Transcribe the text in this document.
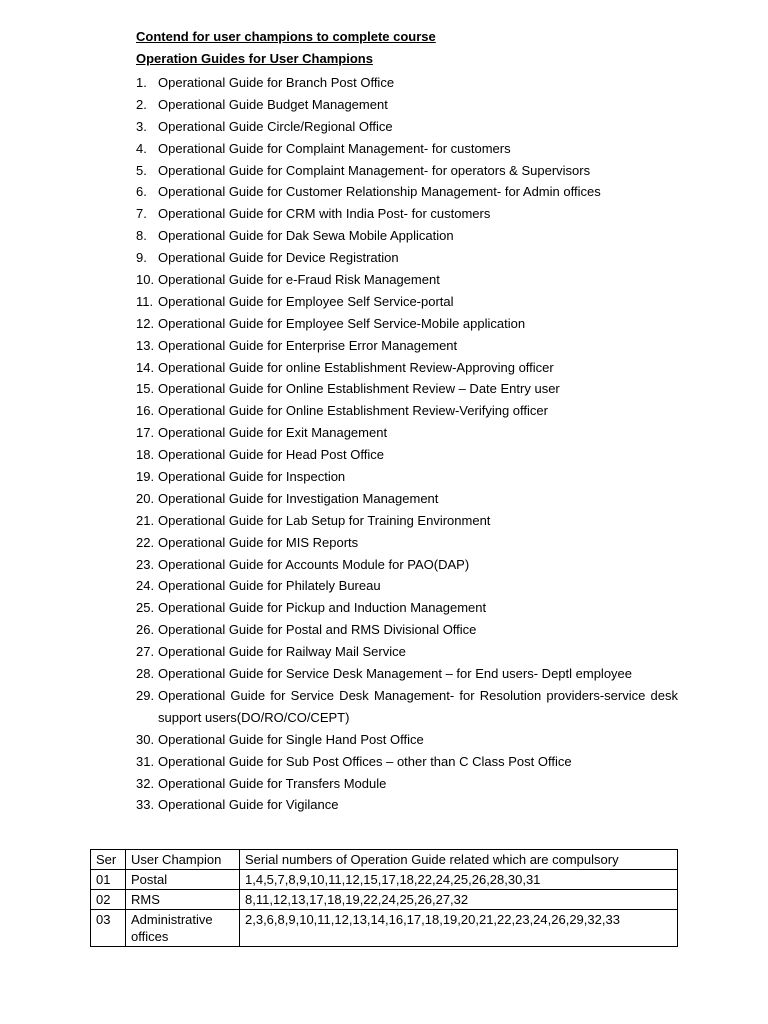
Contend for user champions to complete course
Operation Guides for User Champions
1. Operational Guide for Branch Post Office
2. Operational Guide Budget Management
3. Operational Guide Circle/Regional Office
4. Operational Guide for Complaint Management- for customers
5. Operational Guide for Complaint Management- for operators & Supervisors
6. Operational Guide for Customer Relationship Management- for Admin offices
7. Operational Guide for CRM with India Post- for customers
8. Operational Guide for Dak Sewa Mobile Application
9. Operational Guide for Device Registration
10. Operational Guide for e-Fraud Risk Management
11. Operational Guide for Employee Self Service-portal
12. Operational Guide for Employee Self Service-Mobile application
13. Operational Guide for Enterprise Error Management
14. Operational Guide for online Establishment Review-Approving officer
15. Operational Guide for Online Establishment Review – Date Entry user
16. Operational Guide for Online Establishment Review-Verifying officer
17. Operational Guide for Exit Management
18. Operational Guide for Head Post Office
19. Operational Guide for Inspection
20. Operational Guide for Investigation Management
21. Operational Guide for Lab Setup for Training Environment
22. Operational Guide for MIS Reports
23. Operational Guide for Accounts Module for PAO(DAP)
24. Operational Guide for Philately Bureau
25. Operational Guide for Pickup and Induction Management
26. Operational Guide for Postal and RMS Divisional Office
27. Operational Guide for Railway Mail Service
28. Operational Guide for Service Desk Management – for End users- Deptl employee
29. Operational Guide for Service Desk Management- for Resolution providers-service desk support users(DO/RO/CO/CEPT)
30. Operational Guide for Single Hand Post Office
31. Operational Guide for Sub Post Offices – other than C Class Post Office
32. Operational Guide for Transfers Module
33. Operational Guide for Vigilance
Ser	User Champion	Serial numbers of Operation Guide related which are compulsory
01	Postal	1,4,5,7,8,9,10,11,12,15,17,18,22,24,25,26,28,30,31
02	RMS	8,11,12,13,17,18,19,22,24,25,26,27,32
03	Administrative offices	2,3,6,8,9,10,11,12,13,14,16,17,18,19,20,21,22,23,24,26,29,32,33
